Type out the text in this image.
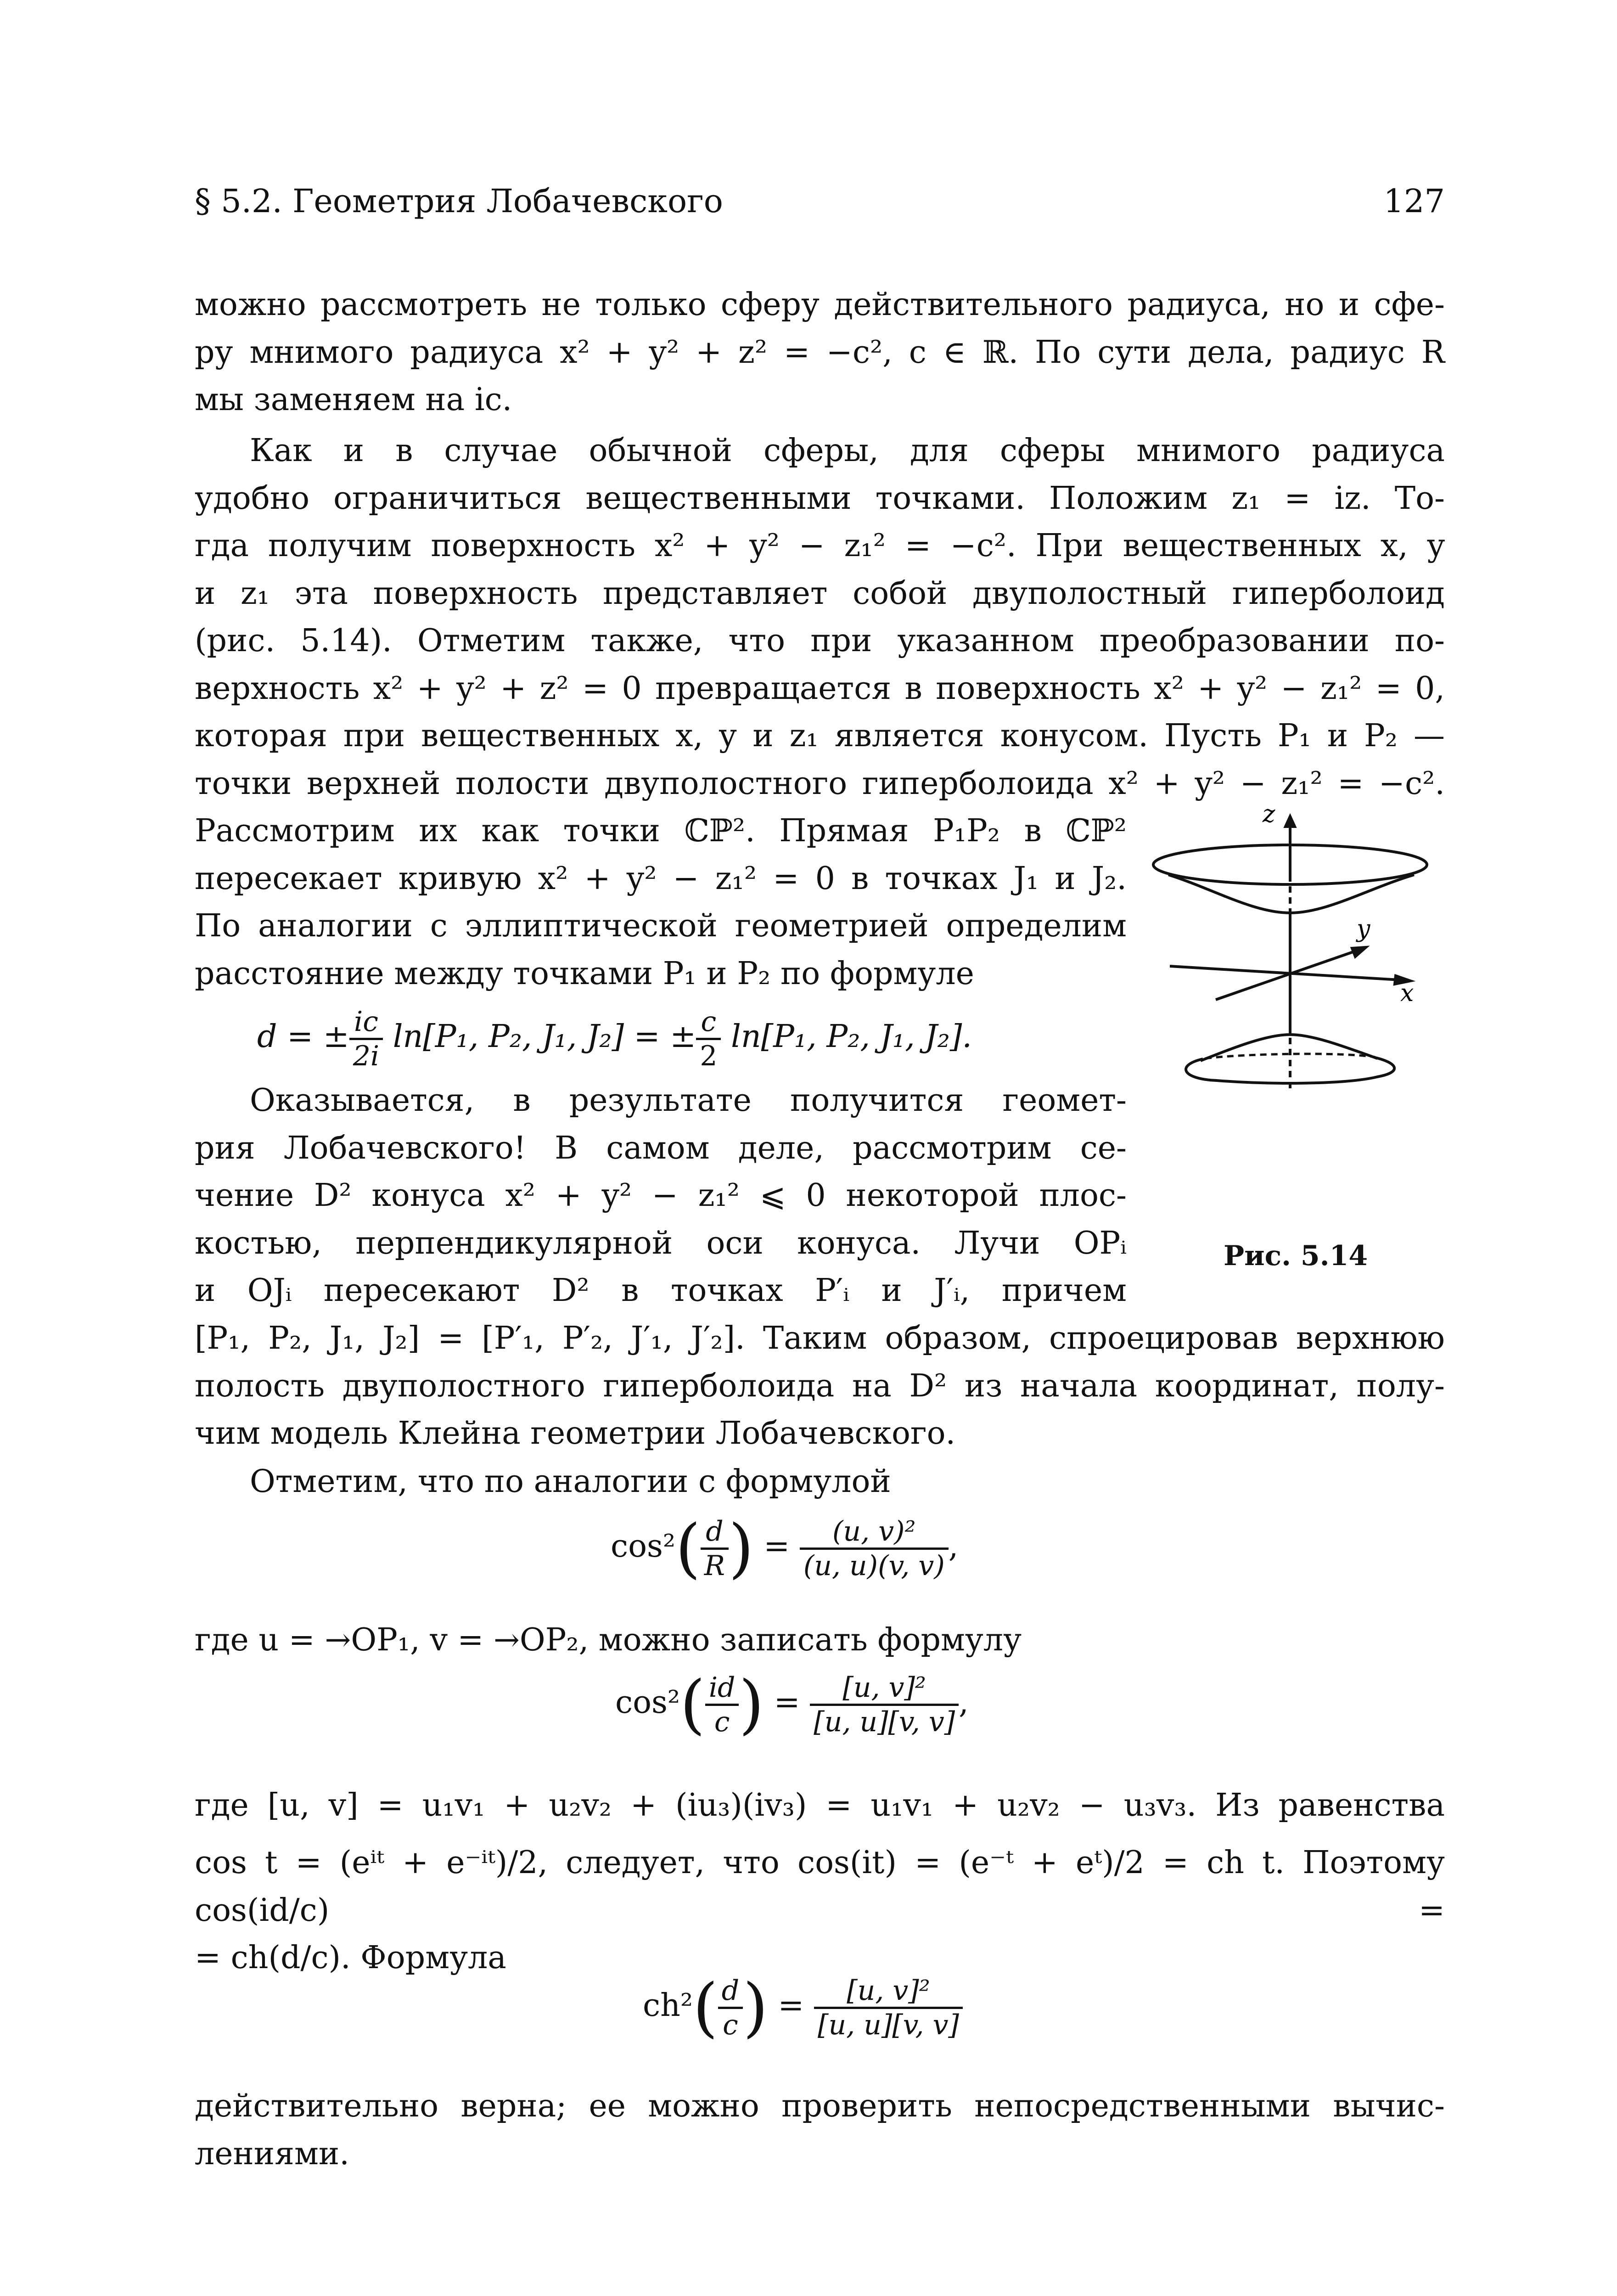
§ 5.2. Геометрия Лобачевского	127
можно рассмотреть не только сферу действительного радиуса, но и сфе-
ру мнимого радиуса x² + y² + z² = −c², c ∈ ℝ. По сути дела, радиус R
мы заменяем на ic.
Как и в случае обычной сферы, для сферы мнимого радиуса
удобно ограничиться вещественными точками. Положим z₁ = iz. То-
гда получим поверхность x² + y² − z₁² = −c². При вещественных x, y
и z₁ эта поверхность представляет собой двуполостный гиперболоид
(рис. 5.14). Отметим также, что при указанном преобразовании по-
верхность x² + y² + z² = 0 превращается в поверхность x² + y² − z₁² = 0,
которая при вещественных x, y и z₁ является конусом. Пусть P₁ и P₂ —
точки верхней полости двуполостного гиперболоида x² + y² − z₁² = −c².
Рассмотрим их как точки ℂℙ². Прямая P₁P₂ в ℂℙ²
пересекает кривую x² + y² − z₁² = 0 в точках J₁ и J₂.
По аналогии с эллиптической геометрией определим
расстояние между точками P₁ и P₂ по формуле
d = ± $\frac{ic}{2i} \ln[P_1$, P₂, J₁, J₂] = ± $\frac{c}{2} \ln[P_1$, P₂, J₁, J₂].
Оказывается, в результате получится геомет-
рия Лобачевского! В самом деле, рассмотрим се-
чение D² конуса x² + y² − z₁² ⩽ 0 некоторой плос-
костью, перпендикулярной оси конуса. Лучи OPᵢ
и OJᵢ пересекают D² в точках P′ᵢ и J′ᵢ, причем
[P₁, P₂, J₁, J₂] = [P′₁, P′₂, J′₁, J′₂]. Таким образом, спроецировав верхнюю
полость двуполостного гиперболоида на D² из начала координат, полу-
чим модель Клейна геометрии Лобачевского.
Отметим, что по аналогии с формулой
$\cos^2( \frac{d}{R}$ ) = $\frac{\text{(u, v)²}}{(u, u)(v, v)}$ ,
где u = →OP₁, v = →OP₂, можно записать формулу
$\cos^2( \frac{id}{c}$ ) = $\frac{\text{[u, v]²}}{[u, u][v, v]}$ ,
где [u, v] = u₁v₁ + u₂v₂ + (iu₃)(iv₃) = u₁v₁ + u₂v₂ − u₃v₃. Из равенства
cos t = (eⁱᵗ + e⁻ⁱᵗ)/2, следует, что cos(it) = (e⁻ᵗ + eᵗ)/2 = ch t. Поэтому cos(id/c) =
= ch(d/c). Формула
$ch^2( \frac{d}{c}$ ) = $\frac{\text{[u, v]²}}{[u, u][v, v]}$
действительно верна; ее можно проверить непосредственными вычис-
лениями.
z
y
x
Рис. 5.14
